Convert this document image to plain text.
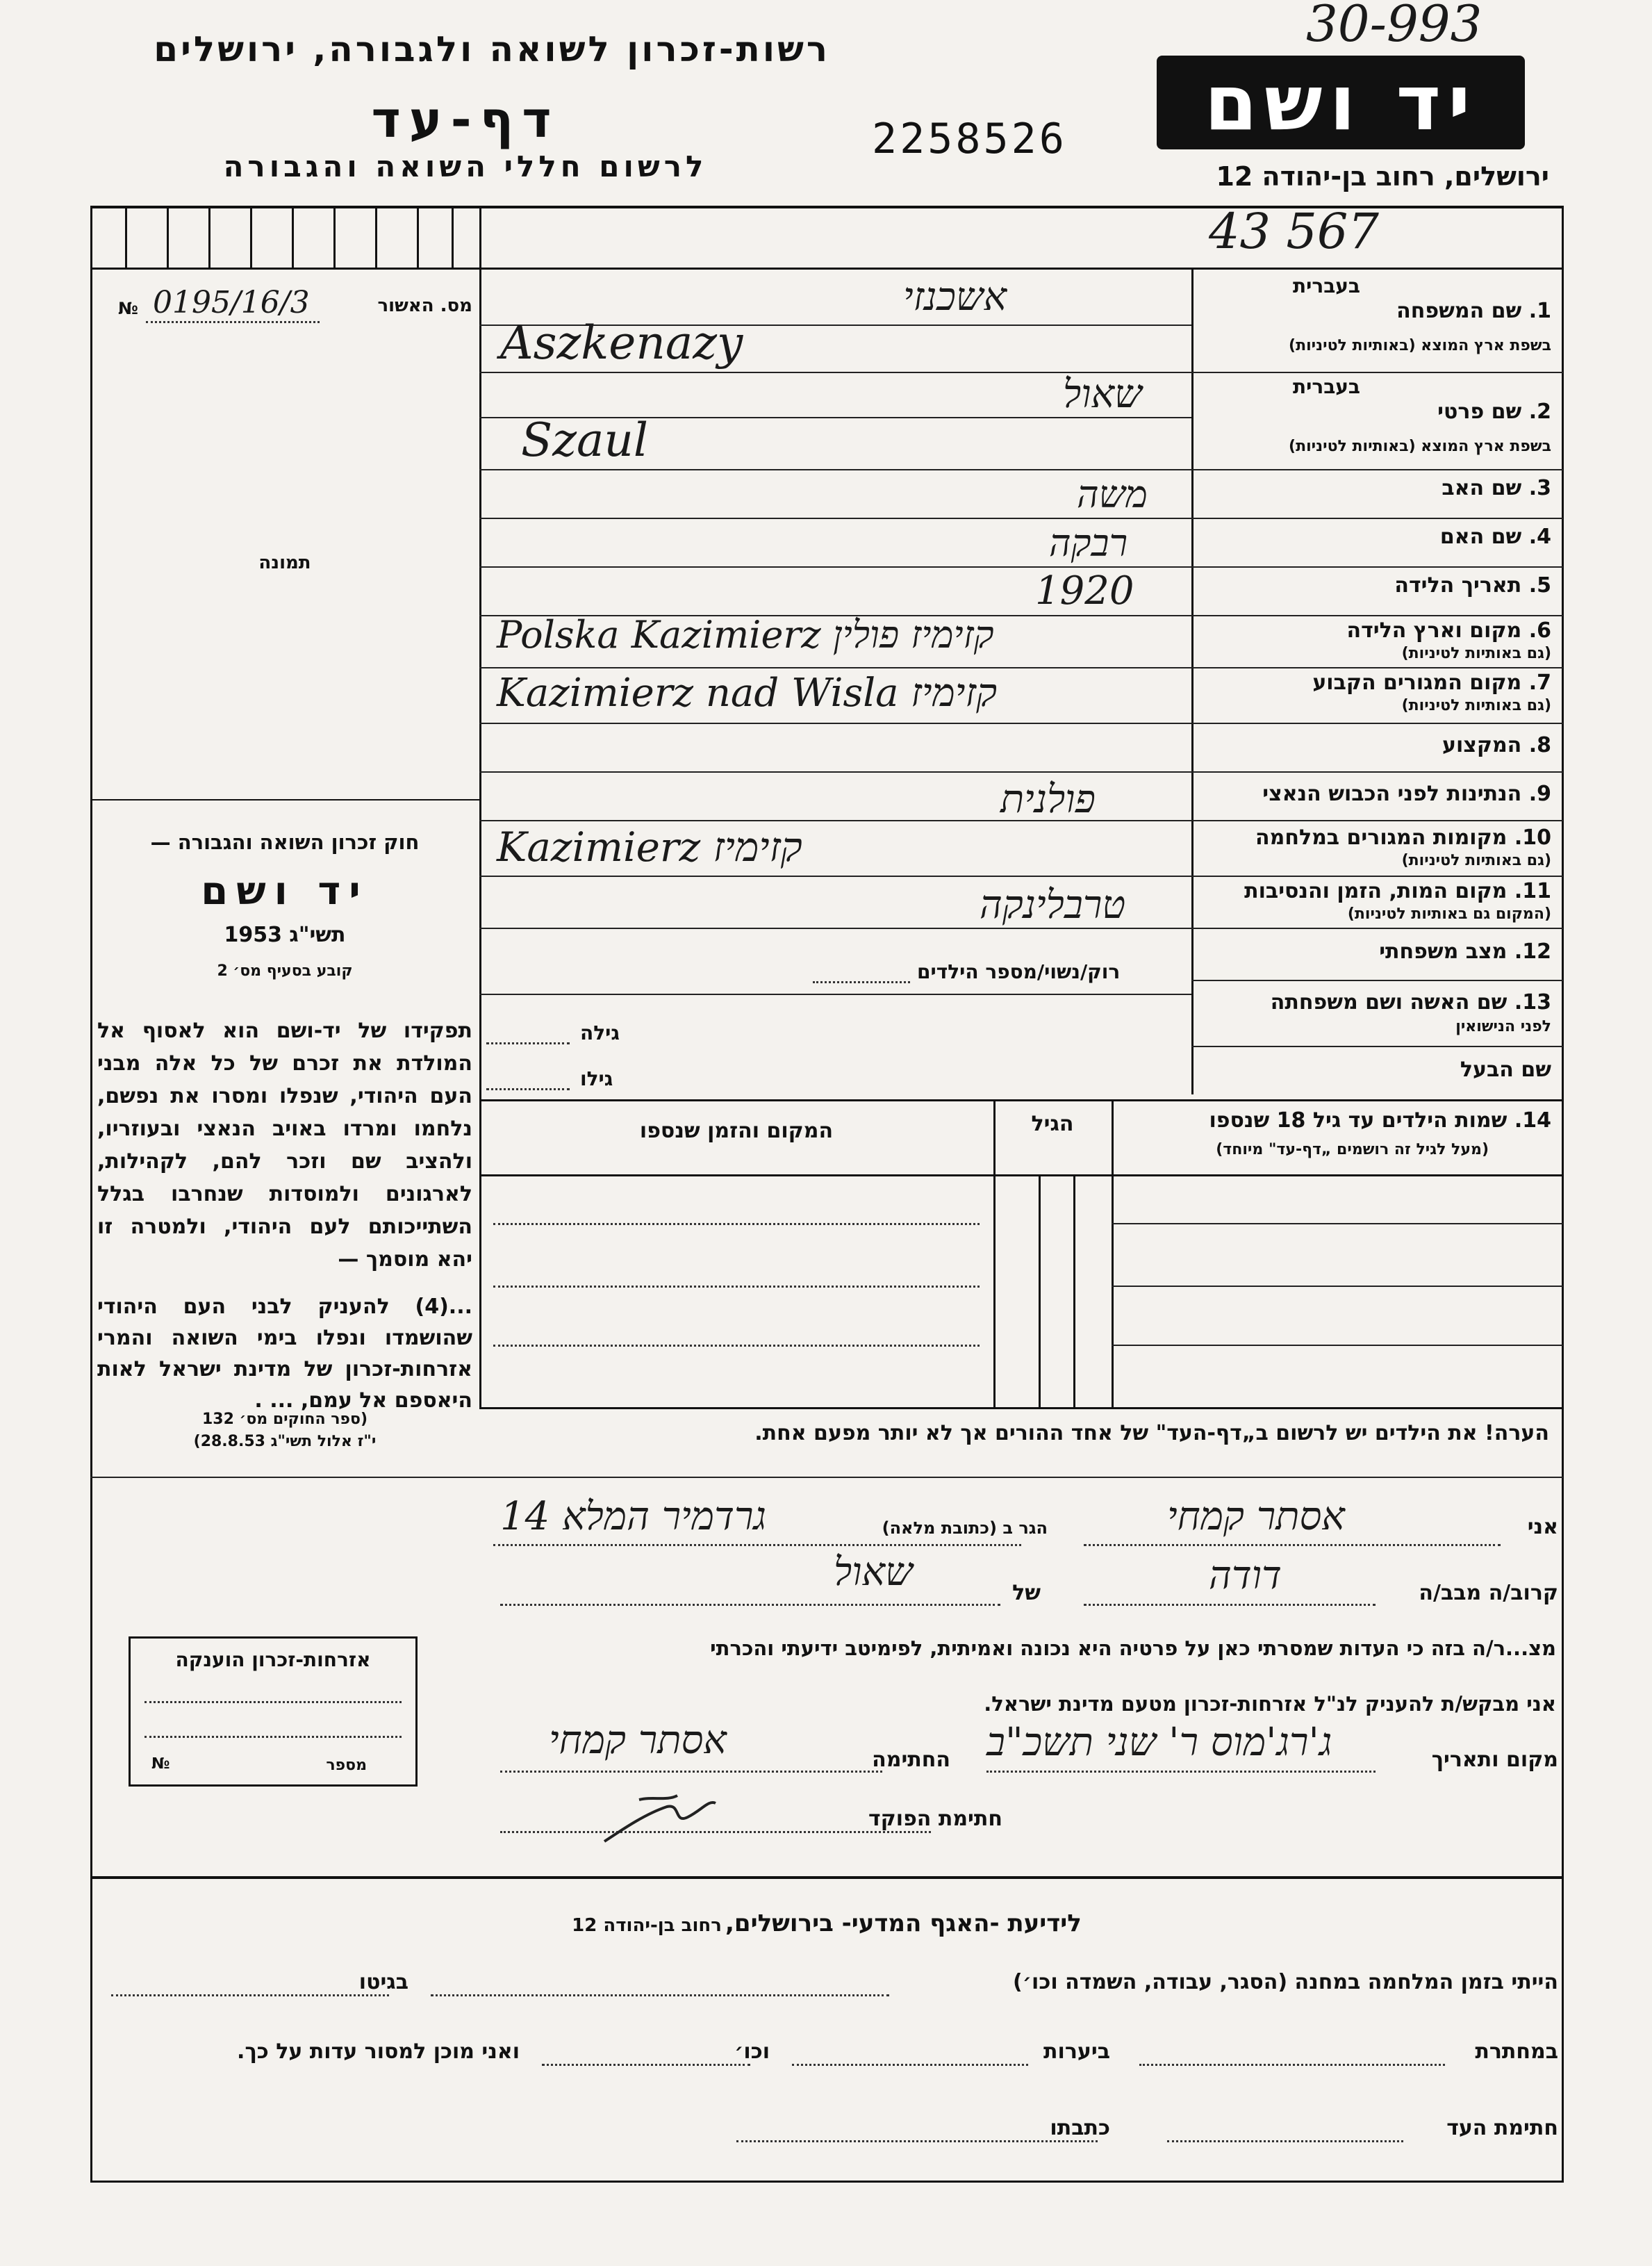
רשות-זכרון לשואה ולגבורה, ירושלים
דף-עד
לרשום חללי השואה והגבורה
2258526
30-993
יד ושם
ירושלים, רחוב בן-יהודה 12
43 567
№ 0195/16/3	מס. האשור
תמונה
חוק זכרון השואה והגבורה —
יד ושם
תשי"ג 1953
קובע בסעיף מס׳ 2
תפקידו של יד-ושם הוא לאסוף אל המולדת את זכרם של כל אלה מבני העם היהודי, שנפלו ומסרו את נפשם, נלחמו ומרדו באויב הנאצי ובעוזריו, ולהציב שם וזכר להם, לקהילות, לארגונים ולמוסדות שנחרבו בגלל השתייכותם לעם היהודי, ולמטרה זו יהא מוסמך —
...(4) להעניק לבני העם היהודי שהושמדו ונפלו בימי השואה והמרי אזרחות-זכרון של מדינת ישראל לאות היאספם אל עמם, ... .
(ספר החוקים מס׳ 132
י"ז אלול תשי"ג 28.8.53)
בעברית
1. שם המשפחה
בשפת ארץ המוצא (באותיות לטיניות)
אשכנזי
Aszkenazy
בעברית
2. שם פרטי
בשפת ארץ המוצא (באותיות לטיניות)
שאול
Szaul
3. שם האב
משה
4. שם האם
רבקה
5. תאריך הלידה
1920
6. מקום וארץ הלידה
(גם באותיות לטיניות)
Polska Kazimierz קזימיז פולין
7. מקום המגורים הקבוע
(גם באותיות לטיניות)
Kazimierz nad Wisla קזימיז
8. המקצוע
9. הנתינות לפני הכבוש הנאצי
פולנית
10. מקומות המגורים במלחמה
(גם באותיות לטיניות)
Kazimierz קזימיז
11. מקום המות, הזמן והנסיבות
(המקום גם באותיות לטיניות)
טרבלינקה
12. מצב משפחתי
רוק/נשוי/מספר הילדים
13. שם האשה ושם משפחתה
לפני הנישואין
גילה
שם הבעל
גילו
14. שמות הילדים עד גיל 18 שנספו
(מעל לגיל זה רושמים „דף-עד" מיוחד)
הגיל
המקום והזמן שנספו
הערה! את הילדים יש לרשום ב„דף-העד" של אחד ההורים אך לא יותר מפעם אחת.
אני
אסתר קמחי
הגר ב (כתובת מלאה)
גרדמיר המלא 14
קרוב/ה מבב/ה
דודה
של
שאול
מצ...ר/ה בזה כי העדות שמסרתי כאן על פרטיה היא נכונה ואמיתית, לפימיטב ידיעתי והכרתי
אני מבקש/ת להעניק לנ"ל אזרחות-זכרון מטעם מדינת ישראל.
מקום ותאריך
ג'רג'מוס ר' שני תשכ"ב
החתימה
אסתר קמחי
חתימת הפוקד
אזרחות-זכרון הוענקה
מספר
№
לידיעת -האגף המדעי- בירושלים, רחוב בן-יהודה 12
הייתי בזמן המלחמה במחנה (הסגר, עבודה, השמדה וכו׳)
בגיטו
במחתרת
ביערות
וכו׳
ואני מוכן למסור עדות על כך.
חתימת העד
כתבתו
